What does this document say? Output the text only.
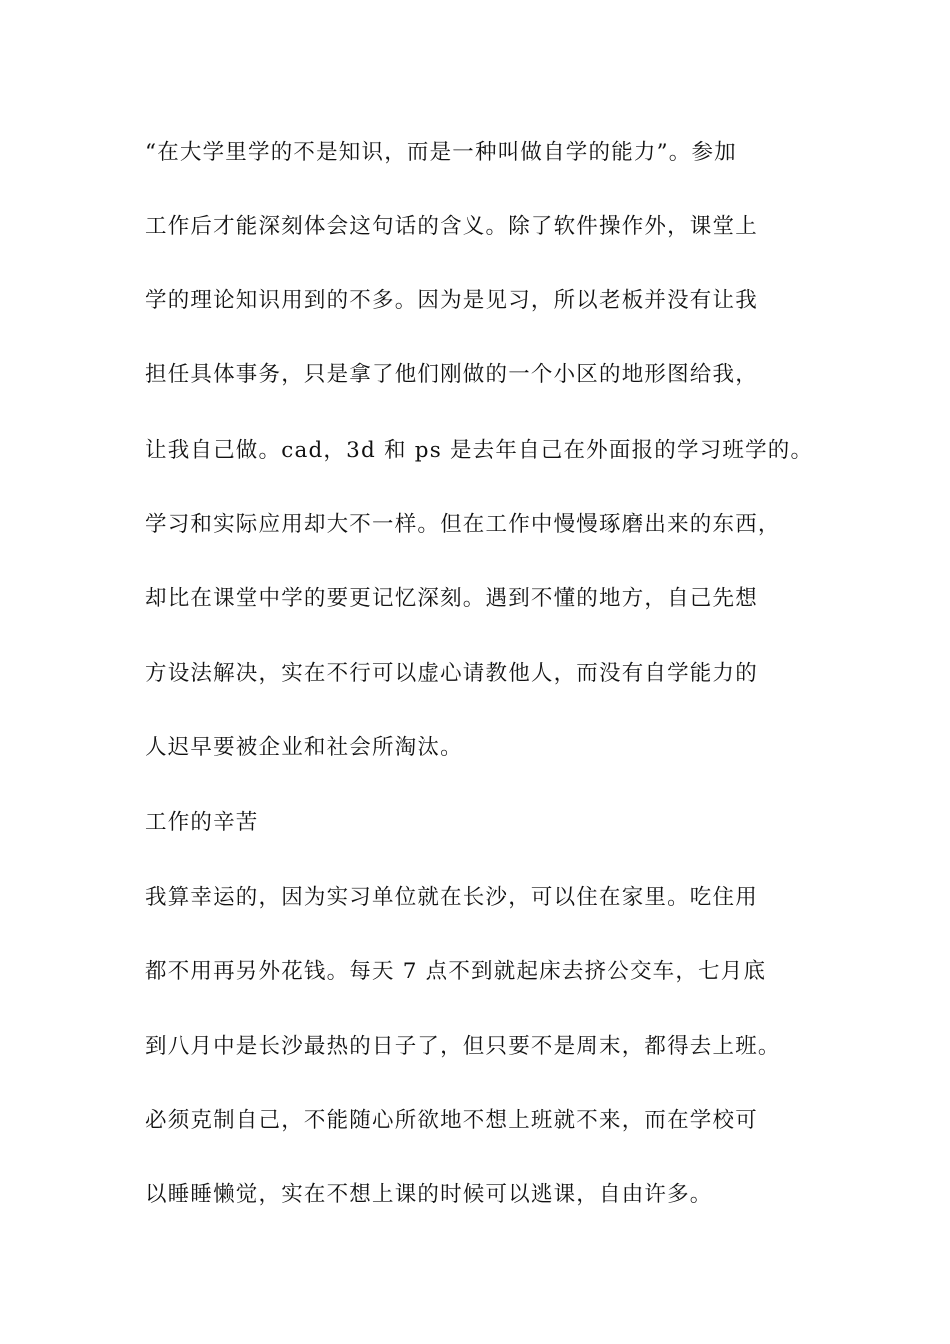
“在大学里学的不是知识，而是一种叫做自学的能力”。参加
工作后才能深刻体会这句话的含义。除了软件操作外，课堂上
学的理论知识用到的不多。因为是见习，所以老板并没有让我
担任具体事务，只是拿了他们刚做的一个小区的地形图给我，
让我自己做。cad，3d 和 ps 是去年自己在外面报的学习班学的。
学习和实际应用却大不一样。但在工作中慢慢琢磨出来的东西，
却比在课堂中学的要更记忆深刻。遇到不懂的地方，自己先想
方设法解决，实在不行可以虚心请教他人，而没有自学能力的
人迟早要被企业和社会所淘汰。
工作的辛苦
我算幸运的，因为实习单位就在长沙，可以住在家里。吃住用
都不用再另外花钱。每天 7 点不到就起床去挤公交车，七月底
到八月中是长沙最热的日子了，但只要不是周末，都得去上班。
必须克制自己，不能随心所欲地不想上班就不来，而在学校可
以睡睡懒觉，实在不想上课的时候可以逃课，自由许多。
